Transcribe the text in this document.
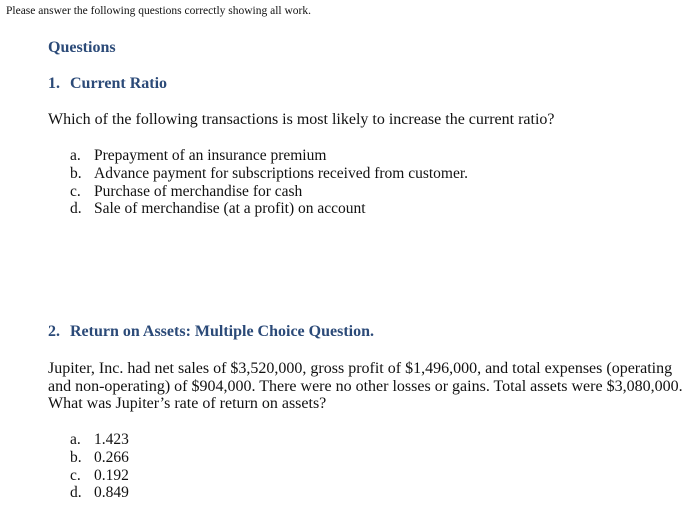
Please answer the following questions correctly showing all work.
Questions
1. Current Ratio
Which of the following transactions is most likely to increase the current ratio?
a. Prepayment of an insurance premium
b. Advance payment for subscriptions received from customer.
c. Purchase of merchandise for cash
d. Sale of merchandise (at a profit) on account
2. Return on Assets: Multiple Choice Question.
Jupiter, Inc. had net sales of $3,520,000, gross profit of $1,496,000, and total expenses (operating
and non-operating) of $904,000. There were no other losses or gains. Total assets were $3,080,000.
What was Jupiter’s rate of return on assets?
a. 1.423
b. 0.266
c. 0.192
d. 0.849
